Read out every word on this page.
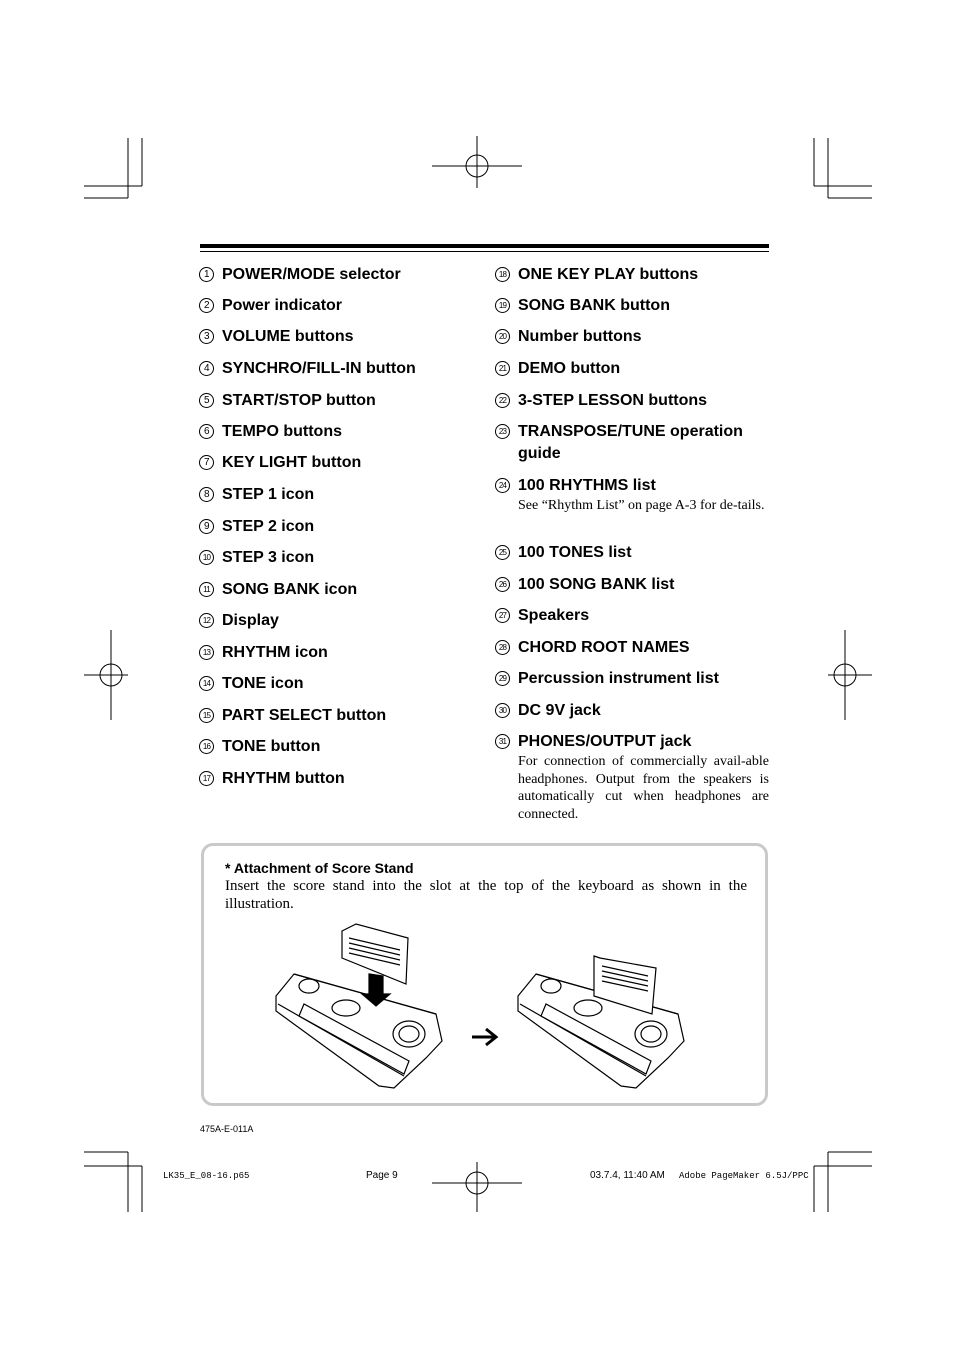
1 POWER/MODE selector
2 Power indicator
3 VOLUME buttons
4 SYNCHRO/FILL-IN button
5 START/STOP button
6 TEMPO buttons
7 KEY LIGHT button
8 STEP 1 icon
9 STEP 2 icon
10 STEP 3 icon
11 SONG BANK icon
12 Display
13 RHYTHM icon
14 TONE icon
15 PART SELECT button
16 TONE button
17 RHYTHM button
18 ONE KEY PLAY buttons
19 SONG BANK button
20 Number buttons
21 DEMO button
22 3-STEP LESSON buttons
23 TRANSPOSE/TUNE operation guide
24 100 RHYTHMS list
See “Rhythm List” on page A-3 for de-tails.
25 100 TONES list
26 100 SONG BANK list
27 Speakers
28 CHORD ROOT NAMES
29 Percussion instrument list
30 DC 9V jack
31 PHONES/OUTPUT jack
For connection of commercially avail-able headphones. Output from the speakers is automatically cut when headphones are connected.
* Attachment of Score Stand
Insert the score stand into the slot at the top of the keyboard as shown in the illustration.
475A-E-011A
LK35_E_08-16.p65	Page 9	03.7.4, 11:40 AM Adobe PageMaker 6.5J/PPC
